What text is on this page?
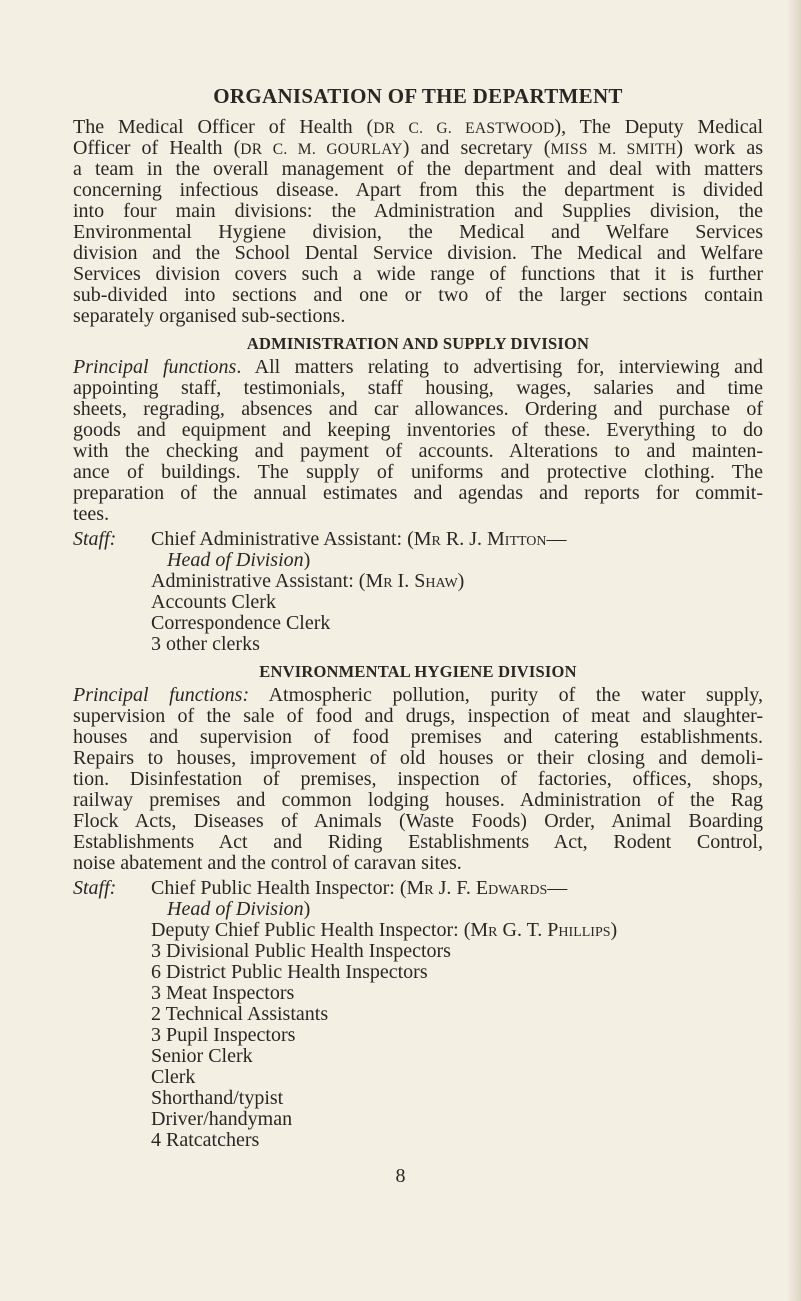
ORGANISATION OF THE DEPARTMENT
The Medical Officer of Health (DR C. G. EASTWOOD), The Deputy Medical
Officer of Health (DR C. M. GOURLAY) and secretary (MISS M. SMITH) work as
a team in the overall management of the department and deal with matters
concerning infectious disease. Apart from this the department is divided
into four main divisions: the Administration and Supplies division, the
Environmental Hygiene division, the Medical and Welfare Services
division and the School Dental Service division. The Medical and Welfare
Services division covers such a wide range of functions that it is further
sub-divided into sections and one or two of the larger sections contain
separately organised sub-sections.
ADMINISTRATION AND SUPPLY DIVISION
Principal functions. All matters relating to advertising for, interviewing and
appointing staff, testimonials, staff housing, wages, salaries and time
sheets, regrading, absences and car allowances. Ordering and purchase of
goods and equipment and keeping inventories of these. Everything to do
with the checking and payment of accounts. Alterations to and mainten-
ance of buildings. The supply of uniforms and protective clothing. The
preparation of the annual estimates and agendas and reports for commit-
tees.
Staff:	Chief Administrative Assistant: (Mr R. J. Mitton—
Head of Division)
Administrative Assistant: (Mr I. Shaw)
Accounts Clerk
Correspondence Clerk
3 other clerks
ENVIRONMENTAL HYGIENE DIVISION
Principal functions: Atmospheric pollution, purity of the water supply,
supervision of the sale of food and drugs, inspection of meat and slaughter-
houses and supervision of food premises and catering establishments.
Repairs to houses, improvement of old houses or their closing and demoli-
tion. Disinfestation of premises, inspection of factories, offices, shops,
railway premises and common lodging houses. Administration of the Rag
Flock Acts, Diseases of Animals (Waste Foods) Order, Animal Boarding
Establishments Act and Riding Establishments Act, Rodent Control,
noise abatement and the control of caravan sites.
Staff:	Chief Public Health Inspector: (Mr J. F. Edwards—
Head of Division)
Deputy Chief Public Health Inspector: (Mr G. T. Phillips)
3 Divisional Public Health Inspectors
6 District Public Health Inspectors
3 Meat Inspectors
2 Technical Assistants
3 Pupil Inspectors
Senior Clerk
Clerk
Shorthand/typist
Driver/handyman
4 Ratcatchers
8
